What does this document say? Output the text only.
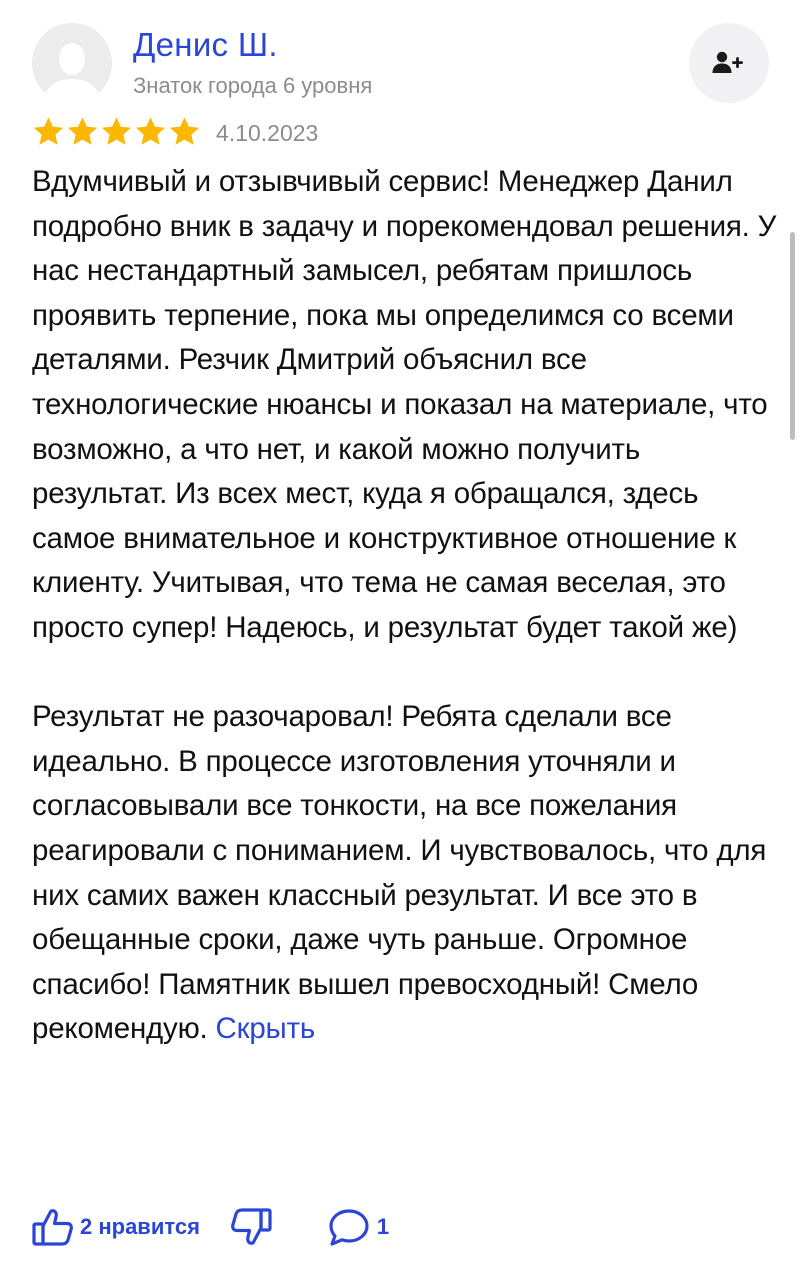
Денис Ш.
Знаток города 6 уровня
4.10.2023
Вдумчивый и отзывчивый сервис! Менеджер Данил подробно вник в задачу и порекомендовал решения. У нас нестандартный замысел, ребятам пришлось проявить терпение, пока мы определимся со всеми деталями. Резчик Дмитрий объяснил все технологические нюансы и показал на материале, что возможно, а что нет, и какой можно получить результат. Из всех мест, куда я обращался, здесь самое внимательное и конструктивное отношение к клиенту. Учитывая, что тема не самая веселая, это просто супер! Надеюсь, и результат будет такой же)

Результат не разочаровал! Ребята сделали все идеально. В процессе изготовления уточняли и согласовывали все тонкости, на все пожелания реагировали с пониманием. И чувствовалось, что для них самих важен классный результат. И все это в обещанные сроки, даже чуть раньше. Огромное спасибо! Памятник вышел превосходный! Смело рекомендую. Скрыть
2 нравится	1
